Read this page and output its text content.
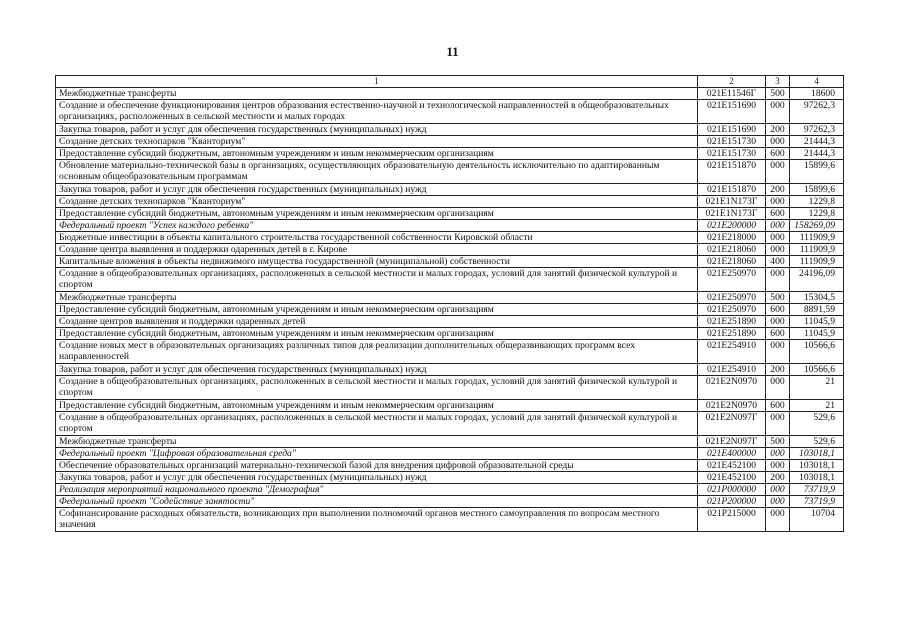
11
1	2	3	4
Межбюджетные трансферты	021E11546Г	500	18600
Создание и обеспечение функционирования центров образования естественно-научной и технологической направленностей в общеобразовательных организациях, расположенных в сельской местности и малых городах	021E151690	000	97262,3
Закупка товаров, работ и услуг для обеспечения государственных (муниципальных) нужд	021E151690	200	97262,3
Создание детских технопарков "Кванториум"	021E151730	000	21444,3
Предоставление субсидий бюджетным, автономным учреждениям и иным некоммерческим организациям	021E151730	600	21444,3
Обновление материально-технической базы в организациях, осуществляющих образовательную деятельность исключительно по адаптированным основным общеобразовательным программам	021E151870	000	15899,6
Закупка товаров, работ и услуг для обеспечения государственных (муниципальных) нужд	021E151870	200	15899,6
Создание детских технопарков "Кванториум"	021E1N173Г	000	1229,8
Предоставление субсидий бюджетным, автономным учреждениям и иным некоммерческим организациям	021E1N173Г	600	1229,8
Федеральный проект "Успех каждого ребенка"	021E200000	000	158269,09
Бюджетные инвестиции в объекты капитального строительства государственной собственности Кировской области	021E218000	000	111909,9
Создание центра выявления и поддержки одаренных детей в г. Кирове	021E218060	000	111909,9
Капитальные вложения в объекты недвижимого имущества государственной (муниципальной) собственности	021E218060	400	111909,9
Создание в общеобразовательных организациях, расположенных в сельской местности и малых городах, условий для занятий физической культурой и спортом	021E250970	000	24196,09
Межбюджетные трансферты	021E250970	500	15304,5
Предоставление субсидий бюджетным, автономным учреждениям и иным некоммерческим организациям	021E250970	600	8891,59
Создание центров выявления и поддержки одаренных детей	021E251890	000	11045,9
Предоставление субсидий бюджетным, автономным учреждениям и иным некоммерческим организациям	021E251890	600	11045,9
Создание новых мест в образовательных организациях различных типов для реализации дополнительных общеразвивающих программ всех направленностей	021E254910	000	10566,6
Закупка товаров, работ и услуг для обеспечения государственных (муниципальных) нужд	021E254910	200	10566,6
Создание в общеобразовательных организациях, расположенных в сельской местности и малых городах, условий для занятий физической культурой и спортом	021E2N0970	000	21
Предоставление субсидий бюджетным, автономным учреждениям и иным некоммерческим организациям	021E2N0970	600	21
Создание в общеобразовательных организациях, расположенных в сельской местности и малых городах, условий для занятий физической культурой и спортом	021E2N097Г	000	529,6
Межбюджетные трансферты	021E2N097Г	500	529,6
Федеральный проект "Цифровая образовательная среда"	021E400000	000	103018,1
Обеспечение образовательных организаций материально-технической базой для внедрения цифровой образовательной среды	021E452100	000	103018,1
Закупка товаров, работ и услуг для обеспечения государственных (муниципальных) нужд	021E452100	200	103018,1
Реализация мероприятий национального проекта "Демография"	021P000000	000	73719,9
Федеральный проект "Содействие занятости"	021P200000	000	73719,9
Софинансирование расходных обязательств, возникающих при выполнении полномочий органов местного самоуправления по вопросам местного значения	021P215000	000	10704
